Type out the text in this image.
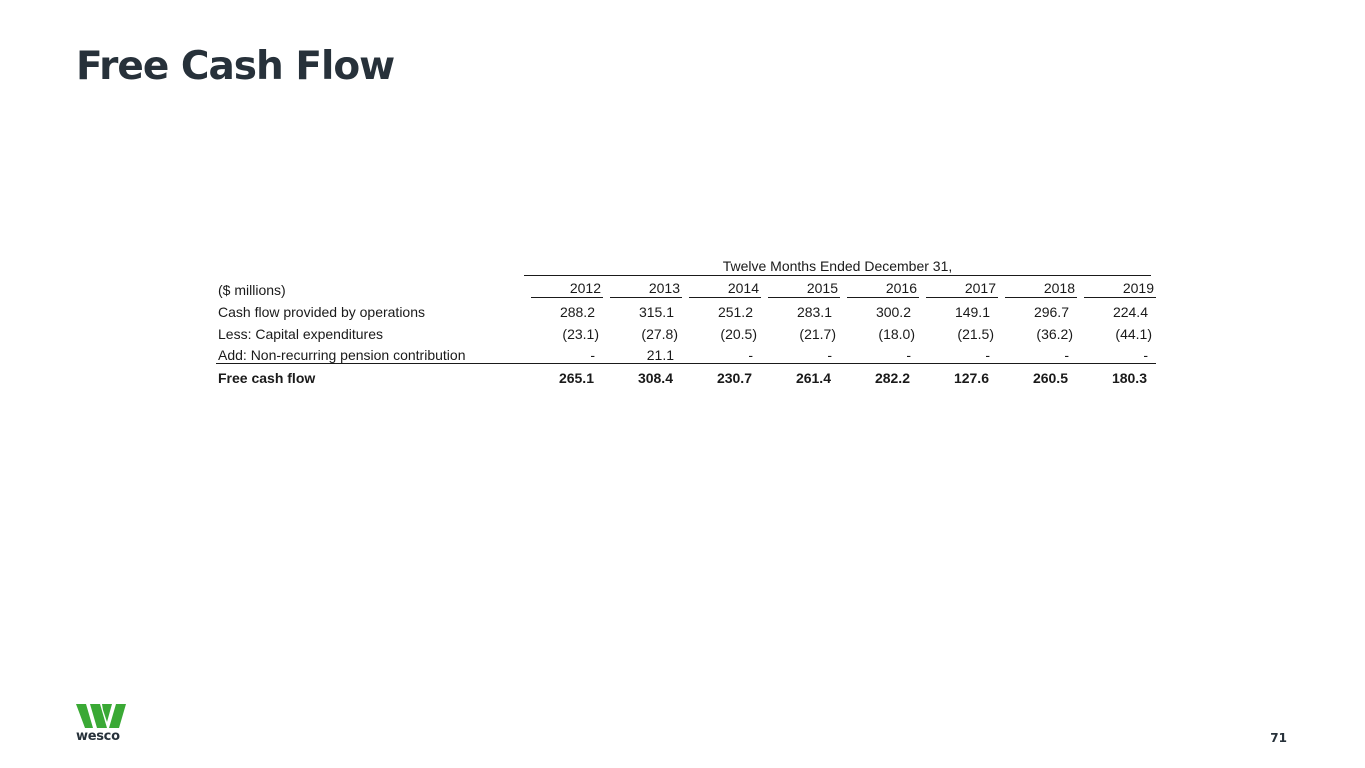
Free Cash Flow
Twelve Months Ended December 31,
($ millions)	2012	2013	2014	2015	2016	2017	2018	2019
Cash flow provided by operations	288.2	315.1	251.2	283.1	300.2	149.1	296.7	224.4
Less: Capital expenditures	(23.1)	(27.8)	(20.5)	(21.7)	(18.0)	(21.5)	(36.2)	(44.1)
Add: Non-recurring pension contribution	-	21.1	-	-	-	-	-	-
Free cash flow	265.1	308.4	230.7	261.4	282.2	127.6	260.5	180.3
wesco	71
